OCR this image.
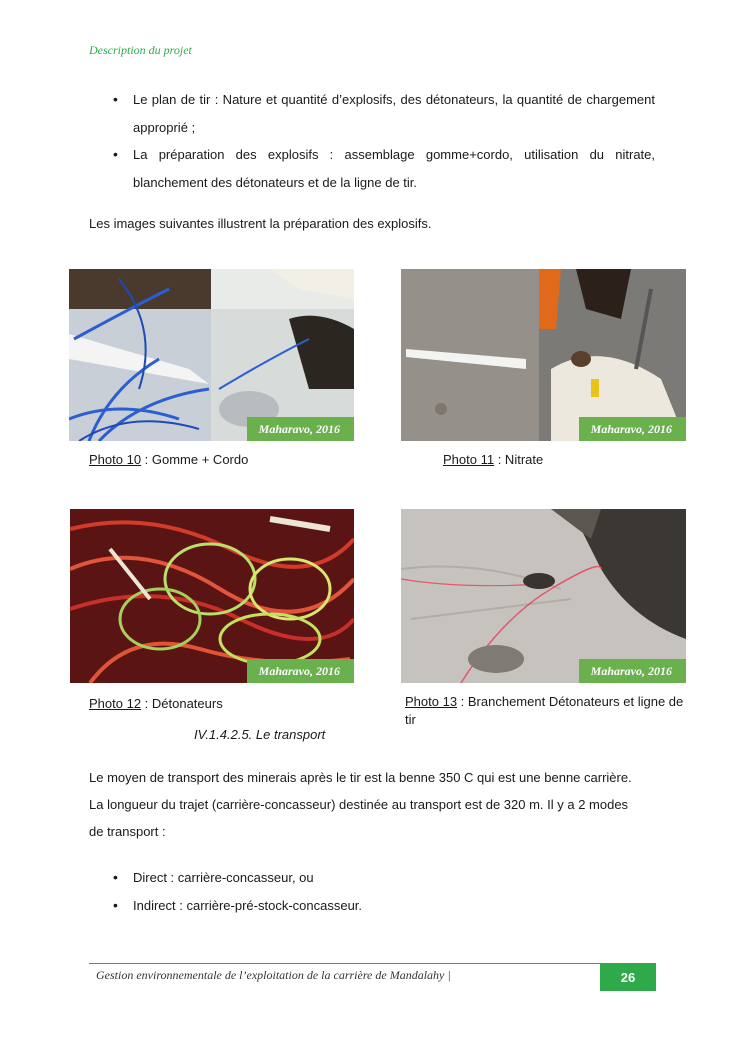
Description du projet
• Le plan de tir : Nature et quantité d’explosifs, des détonateurs, la quantité de chargement approprié ;
• La préparation des explosifs : assemblage gomme+cordo, utilisation du nitrate, blanchement des détonateurs et de la ligne de tir.
Les images suivantes illustrent la préparation des explosifs.
Maharavo, 2016	Maharavo, 2016
Photo 10 : Gomme + Cordo	Photo 11 : Nitrate
Maharavo, 2016	Maharavo, 2016
Photo 12 : Détonateurs	Photo 13 : Branchement Détonateurs et ligne de tir
IV.1.4.2.5. Le transport
Le moyen de transport des minerais après le tir est la benne 350 C qui est une benne carrière.
La longueur du trajet (carrière-concasseur) destinée au transport est de 320 m. Il y a 2 modes
de transport :
• Direct : carrière-concasseur, ou
• Indirect : carrière-pré-stock-concasseur.
Gestion environnementale de l’exploitation de la carrière de Mandalahy |	26
